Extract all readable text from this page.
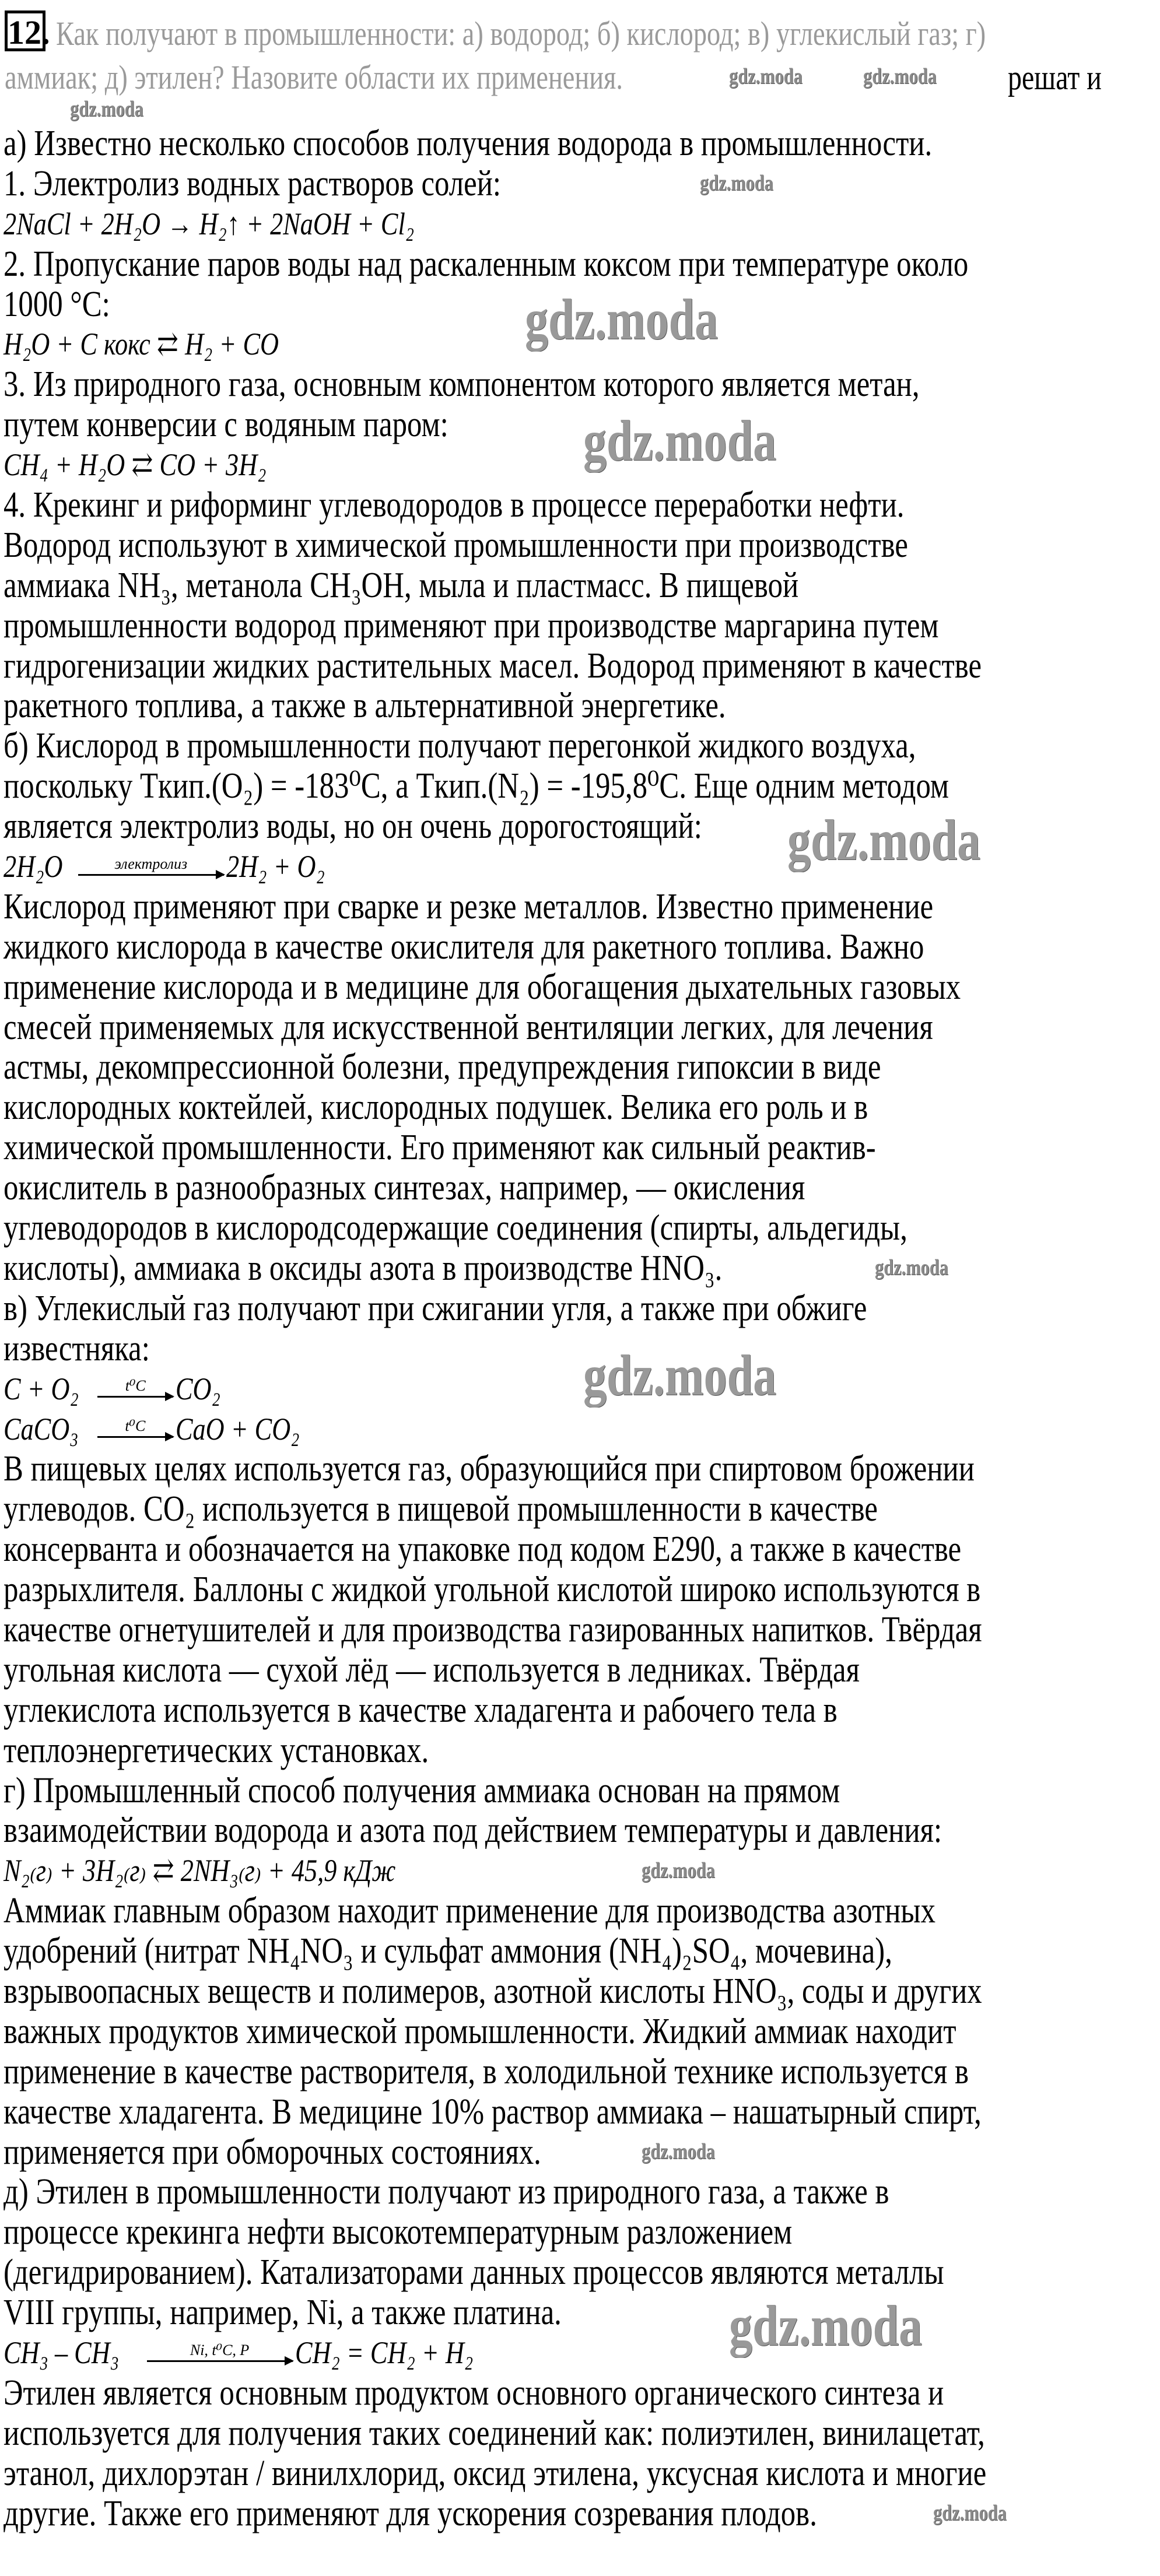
12. Как получают в промышленности: а) водород; б) кислород; в) углекислый газ; г)
аммиак; д) этилен? Назовите области их применения.	решат и
а) Известно несколько способов получения водорода в промышленности.
1. Электролиз водных растворов солей:
2NaCl + 2H₂O → H₂↑ + 2NaOH + Cl₂
2. Пропускание паров воды над раскаленным коксом при температуре около
1000 °C:
H₂O + C кокс ⇄ H₂ + CO
3. Из природного газа, основным компонентом которого является метан,
путем конверсии с водяным паром:
CH₄ + H₂O ⇄ CO + 3H₂
4. Крекинг и риформинг углеводородов в процессе переработки нефти.
Водород используют в химической промышленности при производстве
аммиака NH₃, метанола CH₃OH, мыла и пластмасс. В пищевой
промышленности водород применяют при производстве маргарина путем
гидрогенизации жидких растительных масел. Водород применяют в качестве
ракетного топлива, а также в альтернативной энергетике.
б) Кислород в промышленности получают перегонкой жидкого воздуха,
поскольку Tкип.(O₂) = -183⁰C, а Tкип.(N₂) = -195,8⁰C. Еще одним методом
является электролиз воды, но он очень дорогостоящий:
2H₂O	электролиз	2H₂ + O₂
Кислород применяют при сварке и резке металлов. Известно применение
жидкого кислорода в качестве окислителя для ракетного топлива. Важно
применение кислорода и в медицине для обогащения дыхательных газовых
смесей применяемых для искусственной вентиляции легких, для лечения
астмы, декомпрессионной болезни, предупреждения гипоксии в виде
кислородных коктейлей, кислородных подушек. Велика его роль и в
химической промышленности. Его применяют как сильный реактив-
окислитель в разнообразных синтезах, например, — окисления
углеводородов в кислородсодержащие соединения (спирты, альдегиды,
кислоты), аммиака в оксиды азота в производстве HNO₃.
в) Углекислый газ получают при сжигании угля, а также при обжиге
известняка:
C + O₂	t⁰C CO₂
CaCO₃	t⁰C CaO + CO₂
В пищевых целях используется газ, образующийся при спиртовом брожении
углеводов. CO₂ используется в пищевой промышленности в качестве
консерванта и обозначается на упаковке под кодом E290, а также в качестве
разрыхлителя. Баллоны с жидкой угольной кислотой широко используются в
качестве огнетушителей и для производства газированных напитков. Твёрдая
угольная кислота — сухой лёд — используется в ледниках. Твёрдая
углекислота используется в качестве хладагента и рабочего тела в
теплоэнергетических установках.
г) Промышленный способ получения аммиака основан на прямом
взаимодействии водорода и азота под действием температуры и давления:
N₂₍г₎ + 3H₂₍г₎ ⇄ 2NH₃₍г₎ + 45,9 кДж
Аммиак главным образом находит применение для производства азотных
удобрений (нитрат NH₄NO₃ и сульфат аммония (NH₄)₂SO₄, мочевина),
взрывоопасных веществ и полимеров, азотной кислоты HNO₃, соды и других
важных продуктов химической промышленности. Жидкий аммиак находит
применение в качестве растворителя, в холодильной технике используется в
качестве хладагента. В медицине 10% раствор аммиака – нашатырный спирт,
применяется при обморочных состояниях.
д) Этилен в промышленности получают из природного газа, а также в
процессе крекинга нефти высокотемпературным разложением
(дегидрированием). Катализаторами данных процессов являются металлы
VIII группы, например, Ni, а также платина.
CH₃ – CH₃	Ni, t⁰C, P	CH₂ = CH₂ + H₂
Этилен является основным продуктом основного органического синтеза и
используется для получения таких соединений как: полиэтилен, винилацетат,
этанол, дихлорэтан / винилхлорид, оксид этилена, уксусная кислота и многие
другие. Также его применяют для ускорения созревания плодов.
gdz.moda	gdz.moda
gdz.moda
gdz.moda
gdz.moda
gdz.moda
gdz.moda
gdz.moda
gdz.moda
gdz.moda
gdz.moda
gdz.moda
gdz.moda
